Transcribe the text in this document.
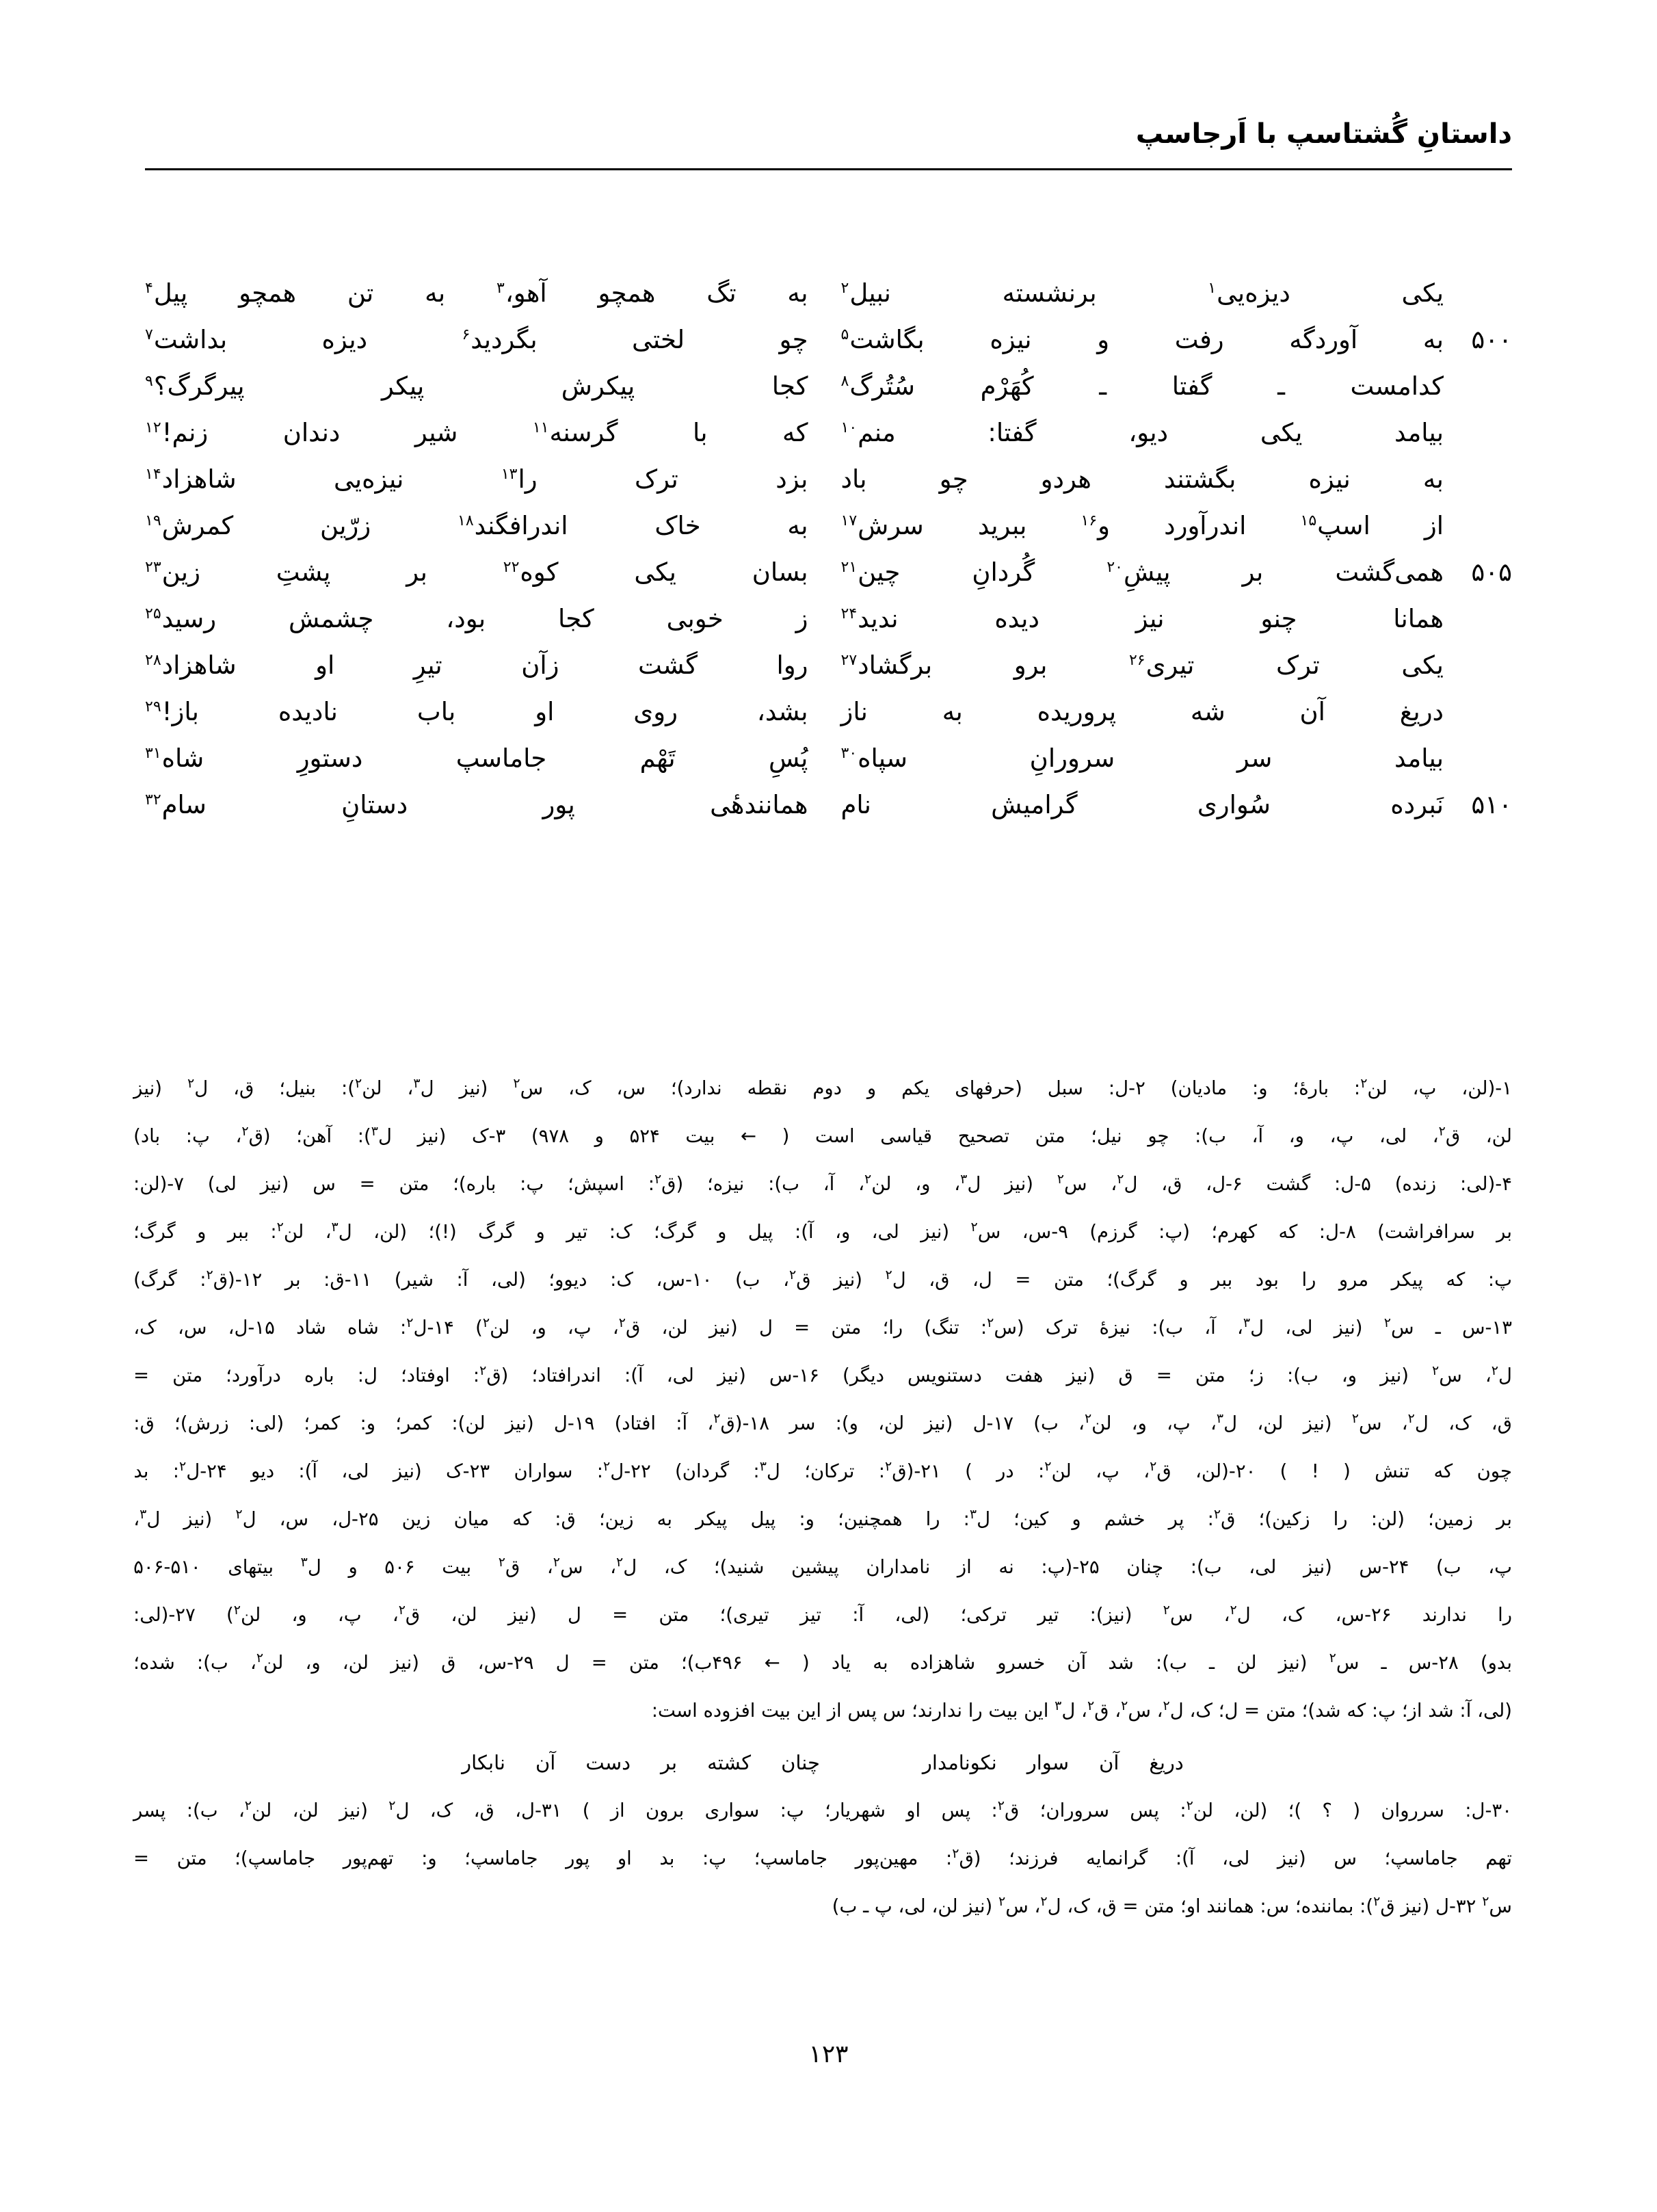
داستانِ گُشتاسپ با اَرجاسپ
یکی دیزه‌یی$^۱$ برنشسته نبیل$^۲$
به تگ همچو آهو،$^۳$ به تن همچو پیل$^۴$
۵۰۰
به آوردگه رفت و نیزه بگاشت$^۵$
چو لختی بگردید$^۶$ دیزه بداشت$^۷$
کدامست ـ گفتا ـ کُهَرْم سُتُرگ$^۸$
کجا پیکرش پیکر پیرگرگ؟$^۹$
بیامد یکی دیو، گفتا: منم$^{۱۰}$
که با گرسنه$^{۱۱}$ شیر دندان زنم!$^{۱۲}$
به نیزه بگشتند هردو چو باد
بزد ترک را$^{۱۳}$ نیزه‌یی شاهزاد$^{۱۴}$
از اسپ$^{۱۵}$ اندرآورد و$^{۱۶}$ ببرید سرش$^{۱۷}$
به خاک اندرافگند$^{۱۸}$ زرّین کمرش$^{۱۹}$
۵۰۵
همی‌گشت بر پیشِ$^{۲۰}$ گُردانِ چین$^{۲۱}$
بسان یکی کوه$^{۲۲}$ بر پشتِ زین$^{۲۳}$
همانا چنو نیز دیده ندید$^{۲۴}$
ز خوبی کجا بود، چشمش رسید$^{۲۵}$
یکی ترک تیری$^{۲۶}$ برو برگشاد$^{۲۷}$
روا گشت زآن تیرِ او شاهزاد$^{۲۸}$
دریغ آن شه پروریده به ناز
بشد، روی او باب نادیده باز!$^{۲۹}$
بیامد سر سرورانِ سپاه$^{۳۰}$
پُسِ تَهْم جاماسپ دستورِ شاه$^{۳۱}$
۵۱۰
نَبرده سُواری گرامیش نام
همانندهٔی پور دستانِ سام$^{۳۲}$
۱-(لن،
پ،
لن$^۲$:
بارهٔ؛
و:
مادیان)
۲-ل:
سبل
(حرفهای
یکم
و
دوم
نقطه
ندارد)؛
س،
ک،
س$^۲$
(نیز
ل$^۳$،
لن$^۲$):
بنیل؛
ق،
ل$^۲$
(نیز
لن،
ق$^۲$،
لی،
پ،
و،
آ،
ب):
چو
نیل؛
متن
تصحیح
قیاسی
است
(
←
بیت
۵۲۴
و
۹۷۸)
۳-ک
(نیز
ل$^۳$):
آهن؛
(ق$^۲$،
پ:
باد)
۴-(لی:
زنده)
۵-ل:
گشت
۶-ل،
ق،
ل$^۲$،
س$^۲$
(نیز
ل$^۳$،
و،
لن$^۲$،
آ،
ب):
نیزه؛
(ق$^۲$:
اسپش؛
پ:
باره)؛
متن
=
س
(نیز
لی)
۷-(لن:
بر
سرافراشت)
۸-ل:
که
کهرم؛
(پ:
گرزم)
۹-س،
س$^۲$
(نیز
لی،
و،
آ):
پیل
و
گرگ؛
ک:
تیر
و
گرگ
(!)؛
(لن،
ل$^۳$،
لن$^۲$:
ببر
و
گرگ؛
پ:
که
پیکر
مرو
را
بود
ببر
و
گرگ)؛
متن
=
ل،
ق،
ل$^۲$
(نیز
ق$^۲$،
ب)
۱۰-س،
ک:
دیوو؛
(لی،
آ:
شیر)
۱۱-ق:
بر
۱۲-(ق$^۲$:
گرگ)
۱۳-س
ـ
س$^۲$
(نیز
لی،
ل$^۳$،
آ،
ب):
نیزهٔ
ترک
(س$^۲$:
تنگ)
را؛
متن
=
ل
(نیز
لن،
ق$^۲$،
پ،
و،
لن$^۲$)
۱۴-ل$^۲$:
شاه
شاد
۱۵-ل،
س،
ک،
ل$^۲$،
س$^۲$
(نیز
و،
ب):
ز؛
متن
=
ق
(نیز
هفت
دستنویس
دیگر)
۱۶-س
(نیز
لی،
آ):
اندرافتاد؛
(ق$^۲$:
اوفتاد؛
ل:
باره
درآورد؛
متن
=
ق،
ک،
ل$^۲$،
س$^۲$
(نیز
لن،
ل$^۳$،
پ،
و،
لن$^۲$،
ب)
۱۷-ل
(نیز
لن،
و):
سر
۱۸-(ق$^۲$،
آ:
افتاد)
۱۹-ل
(نیز
لن):
کمر؛
و:
کمر؛
(لی:
زرش)؛
ق:
چون
که
تنش
(
!
)
۲۰-(لن،
ق$^۲$،
پ،
لن$^۲$:
در
)
۲۱-(ق$^۲$:
ترکان؛
ل$^۳$:
گردان)
۲۲-ل$^۲$:
سواران
۲۳-ک
(نیز
لی،
آ):
دیو
۲۴-ل$^۲$:
بد
بر
زمین؛
(لن:
را
زکین)؛
ق$^۲$:
پر
خشم
و
کین؛
ل$^۳$:
را
همچنین؛
و:
پیل
پیکر
به
زین؛
ق:
که
میان
زین
۲۵-ل،
س،
ل$^۲$
(نیز
ل$^۳$،
پ،
ب)
۲۴-س
(نیز
لی،
ب):
چنان
۲۵-(پ:
نه
از
نامداران
پیشین
شنید)؛
ک،
ل$^۲$،
س$^۲$،
ق$^۲$
بیت
۵۰۶
و
ل$^۳$
بیتهای
۵۰۶-۵۱۰
را
ندارند
۲۶-س،
ک،
ل$^۲$،
س$^۲$
(نیز):
تیر
ترکی؛
(لی،
آ:
تیز
تیری)؛
متن
=
ل
(نیز
لن،
ق$^۲$،
پ،
و،
لن$^۲$)
۲۷-(لی:
بدو)
۲۸-س
ـ
س$^۲$
(نیز
لن
ـ
ب):
شد
آن
خسرو
شاهزاده
به
یاد
(
←
۴۹۶ب)؛
متن
=
ل
۲۹-س،
ق
(نیز
لن،
و،
لن$^۲$،
ب):
شده؛
(لی، آ: شد از؛ پ: که شد)؛ متن = ل؛ ک، ل$^۲$، س$^۲$، ق$^۲$، ل$^۳$ این بیت را ندارند؛ س پس از این بیت افزوده است:
دریغ
آن
سوار
نکونامدار
چنان
کشته
بر
دست
آن
نابکار
۳۰-ل:
سرروان
(
؟
)؛
(لن،
لن$^۲$:
پس
سروران؛
ق$^۲$:
پس
او
شهریار؛
پ:
سواری
برون
از
)
۳۱-ل،
ق،
ک،
ل$^۲$
(نیز
لن،
لن$^۲$،
ب):
پسر
تهم
جاماسپ؛
س
(نیز
لی،
آ):
گرانمایه
فرزند؛
(ق$^۲$:
مهین‌پور
جاماسپ؛
پ:
بد
او
پور
جاماسپ؛
و:
تهم‌پور
جاماسپ)؛
متن
=
س$^۲$ ۳۲-ل (نیز ق$^۲$): بماننده؛ س: همانند او؛ متن = ق، ک، ل$^۲$، س$^۲$ (نیز لن، لی، پ ـ ب)
۱۲۳
